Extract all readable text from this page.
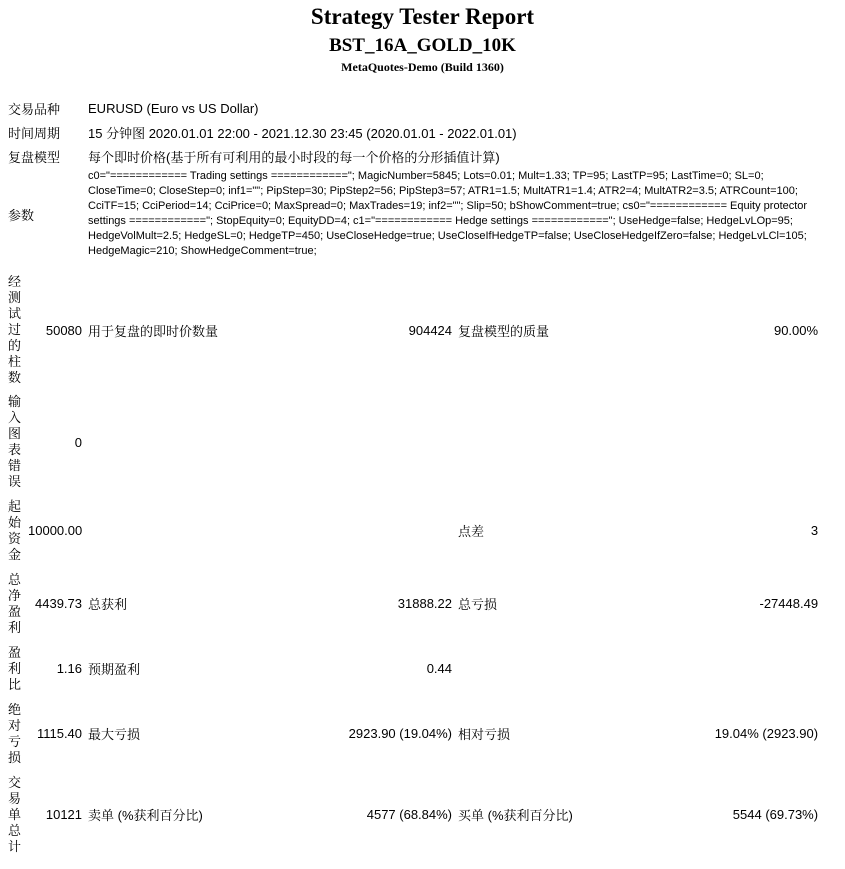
Strategy Tester Report
BST_16A_GOLD_10K
MetaQuotes-Demo (Build 1360)
交易品种		EURUSD (Euro vs US Dollar)			
时间周期		15 分钟图 2020.01.01 22:00 - 2021.12.30 23:45 (2020.01.01 - 2022.01.01)			
复盘模型		每个即时价格(基于所有可利用的最小时段的每一个价格的分形插值计算)			
参数		c0="============ Trading settings ============"; MagicNumber=5845; Lots=0.01; Mult=1.33; TP=95; LastTP=95; LastTime=0; SL=0; CloseTime=0; CloseStep=0; inf1=""; PipStep=30; PipStep2=56; PipStep3=57; ATR1=1.5; MultATR1=1.4; ATR2=4; MultATR2=3.5; ATRCount=100; CciTF=15; CciPeriod=14; CciPrice=0; MaxSpread=0; MaxTrades=19; inf2=""; Slip=50; bShowComment=true; cs0="============ Equity protector settings ============"; StopEquity=0; EquityDD=4; c1="============ Hedge settings ============"; UseHedge=false; HedgeLvLOp=95; HedgeVolMult=2.5; HedgeSL=0; HedgeTP=450; UseCloseHedge=true; UseCloseIfHedgeTP=false; UseCloseHedgeIfZero=false; HedgeLvLCl=105; HedgeMagic=210; ShowHedgeComment=true;			

经测试过的柱数	50080	用于复盘的即时价数量	904424	复盘模型的质量	90.00%

输入图表错误	0				

起始资金	10000.00			点差	3

总净盈利	4439.73	总获利	31888.22	总亏损	-27448.49

盈利比	1.16	预期盈利	0.44		

绝对亏损	1115.40	最大亏损	2923.90 (19.04%)	相对亏损	19.04% (2923.90)

交易单总计	10121	卖单 (%获利百分比)	4577 (68.84%)	买单 (%获利百分比)	5544 (69.73%)
